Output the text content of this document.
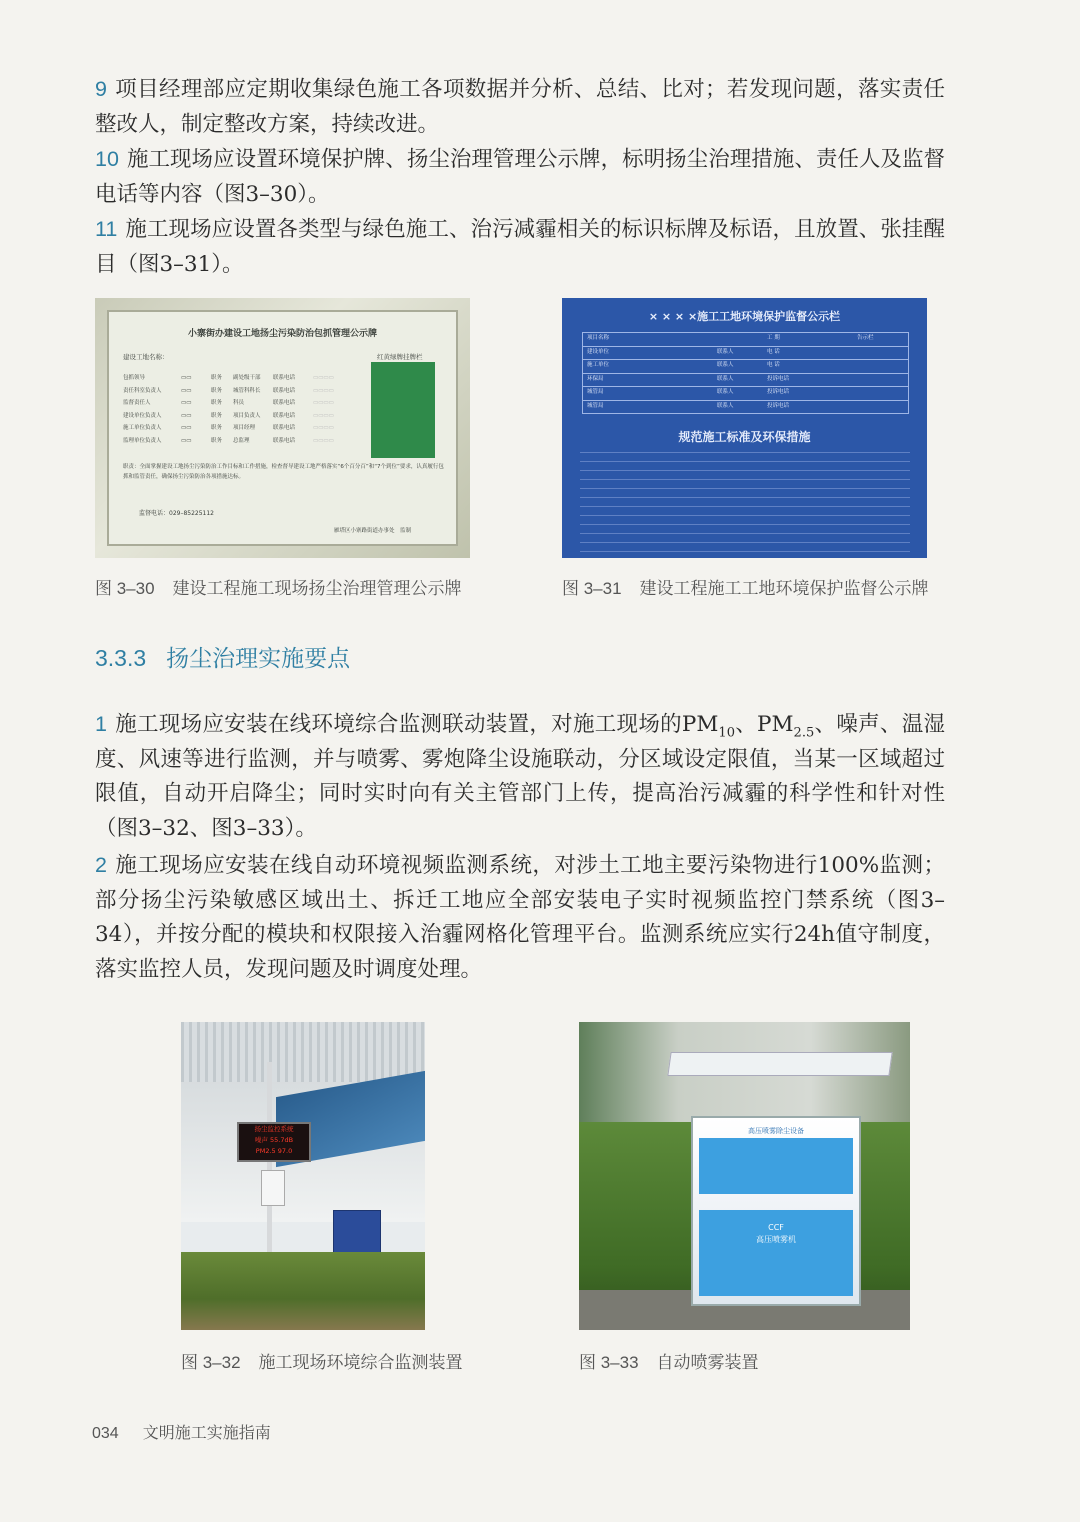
9 项目经理部应定期收集绿色施工各项数据并分析、总结、比对；若发现问题，落实责任整改人，制定整改方案，持续改进。
10 施工现场应设置环境保护牌、扬尘治理管理公示牌，标明扬尘治理措施、责任人及监督电话等内容（图3–30）。
11 施工现场应设置各类型与绿色施工、治污减霾相关的标识标牌及标语，且放置、张挂醒目（图3–31）。
小寨街办建设工地扬尘污染防治包抓管理公示牌
建设工地名称：	红黄绿牌挂牌栏
包抓领导	▭▭	职务	副处级干部	联系电话	▭▭▭▭
责任科室负责人	▭▭	职务	城管科科长	联系电话	▭▭▭▭
监督责任人	▭▭	职务	科员	联系电话	▭▭▭▭
建设单位负责人	▭▭	职务	项目负责人	联系电话	▭▭▭▭
施工单位负责人	▭▭	职务	项目经理	联系电话	▭▭▭▭
监理单位负责人	▭▭	职务	总监理	联系电话	▭▭▭▭
职责：全面掌握建设工地扬尘污染防治工作目标和工作措施，检查督导建设工地严格落实“6个百分百”和“7个到位”要求，认真履行包抓和监管责任，确保扬尘污染防治各项措施达标。
监督电话：029–85225112
雁塔区小寨路街道办事处　监制
图 3–30 建设工程施工现场扬尘治理管理公示牌
× × × ×施工工地环境保护监督公示栏
项目名称	工 期	告示栏
建设单位	联系人	电 话
施工单位	联系人	电 话
环保局	联系人	投诉电话
城管局	联系人	投诉电话
城管局	联系人	投诉电话
规范施工标准及环保措施
图 3–31 建设工程施工工地环境保护监督公示牌
3.3.3 扬尘治理实施要点
1 施工现场应安装在线环境综合监测联动装置，对施工现场的$PM_{10}$、$PM_{2.5}$、噪声、温湿度、风速等进行监测，并与喷雾、雾炮降尘设施联动，分区域设定限值，当某一区域超过限值，自动开启降尘；同时实时向有关主管部门上传，提高治污减霾的科学性和针对性（图3–32、图3–33）。
2 施工现场应安装在线自动环境视频监测系统，对涉土工地主要污染物进行100%监测；部分扬尘污染敏感区域出土、拆迁工地应全部安装电子实时视频监控门禁系统（图3–34），并按分配的模块和权限接入治霾网格化管理平台。监测系统应实行24h值守制度，落实监控人员，发现问题及时调度处理。
扬尘监控系统
噪声 55.7dB
PM2.5 97.0
图 3–32 施工现场环境综合监测装置
高压喷雾除尘设备
CCF
高压喷雾机
图 3–33 自动喷雾装置
034 文明施工实施指南
